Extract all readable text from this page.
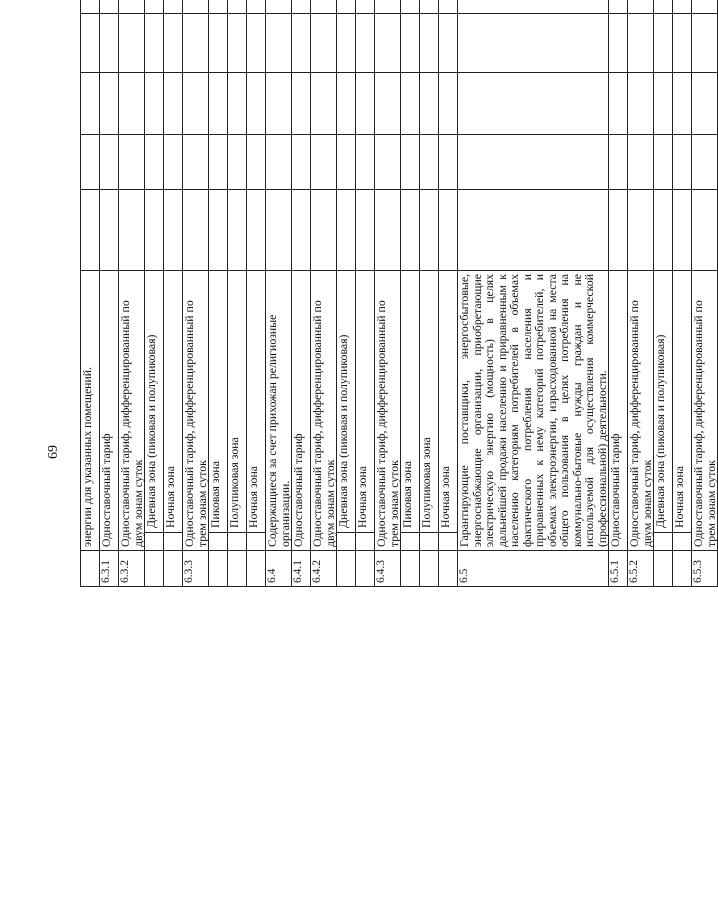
69
	энергии для указанных помещений.							
6.3.1	Одноставочный тариф							
6.3.2	Одноставочный тариф, дифференцированный по двум зонам суток							
	Дневная зона (пиковая и полупиковая)							
	Ночная зона							
6.3.3	Одноставочный тариф, дифференцированный по трем зонам суток							
	Пиковая зона							
	Полупиковая зона							
	Ночная зона							
6.4	Содержащиеся за счет прихожан религиозные организации.							
6.4.1	Одноставочный тариф							
6.4.2	Одноставочный тариф, дифференцированный по двум зонам суток							
	Дневная зона (пиковая и полупиковая)							
	Ночная зона							
6.4.3	Одноставочный тариф, дифференцированный по трем зонам суток							
	Пиковая зона							
	Полупиковая зона							
	Ночная зона							
6.5	Гарантирующие поставщики, энергосбытовые, энергоснабжающие организации, приобретающие электрическую энергию (мощность) в целях дальнейшей продажи населению и приравненным к населению категориям потребителей в объемах фактического потребления населения и приравненных к нему категорий потребителей, и объемах электроэнергии, израсходованной на места общего пользования в целях потребления на коммунально-бытовые нужды граждан и не используемой для осуществления коммерческой (профессиональной) деятельности.							
6.5.1	Одноставочный тариф							
6.5.2	Одноставочный тариф, дифференцированный по двум зонам суток							
	Дневная зона (пиковая и полупиковая)							
	Ночная зона							
6.5.3	Одноставочный тариф, дифференцированный по трем зонам суток							
